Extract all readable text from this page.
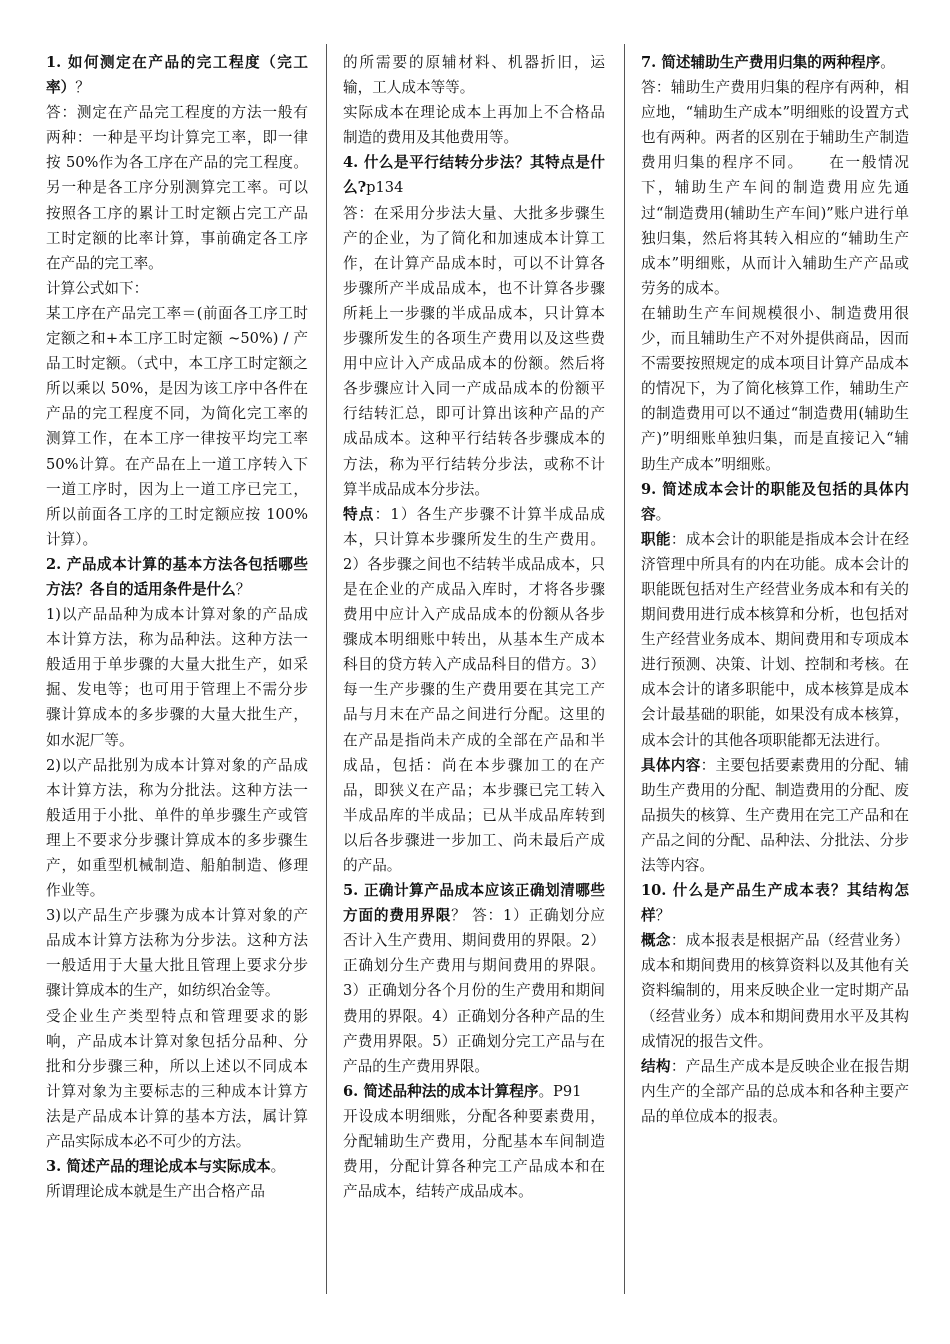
1. 如何测定在产品的完工程度（完工率）？

答：测定在产品完工程度的方法一般有两种：一种是平均计算完工率，即一律按 50%作为各工序在产品的完工程度。另一种是各工序分别测算完工率。可以按照各工序的累计工时定额占完工产品工时定额的比率计算，事前确定各工序在产品的完工率。

计算公式如下：

某工序在产品完工率＝(前面各工序工时定额之和+本工序工时定额 ~50%) / 产品工时定额。（式中，本工序工时定额之所以乘以 50%，是因为该工序中各件在产品的完工程度不同，为简化完工率的测算工作，在本工序一律按平均完工率 50%计算。在产品在上一道工序转入下一道工序时，因为上一道工序已完工，所以前面各工序的工时定额应按 100%计算）。

2. 产品成本计算的基本方法各包括哪些方法？各自的适用条件是什么？

1)以产品品种为成本计算对象的产品成本计算方法，称为品种法。这种方法一般适用于单步骤的大量大批生产，如采掘、发电等；也可用于管理上不需分步骤计算成本的多步骤的大量大批生产，如水泥厂等。

2)以产品批别为成本计算对象的产品成本计算方法，称为分批法。这种方法一般适用于小批、单件的单步骤生产或管理上不要求分步骤计算成本的多步骤生产，如重型机械制造、船舶制造、修理作业等。

3)以产品生产步骤为成本计算对象的产品成本计算方法称为分步法。这种方法一般适用于大量大批且管理上要求分步骤计算成本的生产，如纺织冶金等。

受企业生产类型特点和管理要求的影响，产品成本计算对象包括分品种、分批和分步骤三种，所以上述以不同成本计算对象为主要标志的三种成本计算方法是产品成本计算的基本方法，属计算产品实际成本必不可少的方法。

3. 简述产品的理论成本与实际成本。

所谓理论成本就是生产出合格产品

的所需要的原辅材料、机器折旧，运输，工人成本等等。

实际成本在理论成本上再加上不合格品制造的费用及其他费用等。

4. 什么是平行结转分步法？其特点是什么?p134

答：在采用分步法大量、大批多步骤生产的企业，为了简化和加速成本计算工作，在计算产品成本时，可以不计算各步骤所产半成品成本，也不计算各步骤所耗上一步骤的半成品成本，只计算本步骤所发生的各项生产费用以及这些费用中应计入产成品成本的份额。然后将各步骤应计入同一产成品成本的份额平行结转汇总，即可计算出该种产品的产成品成本。这种平行结转各步骤成本的方法，称为平行结转分步法，或称不计算半成品成本分步法。

特点：1）各生产步骤不计算半成品成本，只计算本步骤所发生的生产费用。2）各步骤之间也不结转半成品成本，只是在企业的产成品入库时，才将各步骤费用中应计入产成品成本的份额从各步骤成本明细账中转出，从基本生产成本科目的贷方转入产成品科目的借方。3）每一生产步骤的生产费用要在其完工产品与月末在产品之间进行分配。这里的在产品是指尚未产成的全部在产品和半成品，包括：尚在本步骤加工的在产品，即狭义在产品；本步骤已完工转入半成品库的半成品；已从半成品库转到以后各步骤进一步加工、尚未最后产成的产品。

5. 正确计算产品成本应该正确划清哪些方面的费用界限？ 答：1）正确划分应否计入生产费用、期间费用的界限。2）正确划分生产费用与期间费用的界限。3）正确划分各个月份的生产费用和期间费用的界限。4）正确划分各种产品的生产费用界限。5）正确划分完工产品与在产品的生产费用界限。

6. 简述品种法的成本计算程序。P91

开设成本明细账，分配各种要素费用，分配辅助生产费用，分配基本车间制造费用，分配计算各种完工产品成本和在产品成本，结转产成品成本。

7. 简述辅助生产费用归集的两种程序。

答：辅助生产费用归集的程序有两种，相应地，“辅助生产成本”明细账的设置方式也有两种。两者的区别在于辅助生产制造费用归集的程序不同。　　在一般情况下，辅助生产车间的制造费用应先通过“制造费用(辅助生产车间)”账户进行单独归集，然后将其转入相应的“辅助生产成本”明细账，从而计入辅助生产产品或劳务的成本。

在辅助生产车间规模很小、制造费用很少，而且辅助生产不对外提供商品，因而不需要按照规定的成本项目计算产品成本的情况下，为了简化核算工作，辅助生产的制造费用可以不通过“制造费用(辅助生产)”明细账单独归集，而是直接记入“辅助生产成本”明细账。

9. 简述成本会计的职能及包括的具体内容。

职能：成本会计的职能是指成本会计在经济管理中所具有的内在功能。成本会计的职能既包括对生产经营业务成本和有关的期间费用进行成本核算和分析，也包括对生产经营业务成本、期间费用和专项成本进行预测、决策、计划、控制和考核。在成本会计的诸多职能中，成本核算是成本会计最基础的职能，如果没有成本核算，成本会计的其他各项职能都无法进行。

具体内容：主要包括要素费用的分配、辅助生产费用的分配、制造费用的分配、废品损失的核算、生产费用在完工产品和在产品之间的分配、品种法、分批法、分步法等内容。

10. 什么是产品生产成本表？其结构怎样？

概念：成本报表是根据产品（经营业务）成本和期间费用的核算资料以及其他有关资料编制的，用来反映企业一定时期产品（经营业务）成本和期间费用水平及其构成情况的报告文件。

结构：产品生产成本是反映企业在报告期内生产的全部产品的总成本和各种主要产品的单位成本的报表。
